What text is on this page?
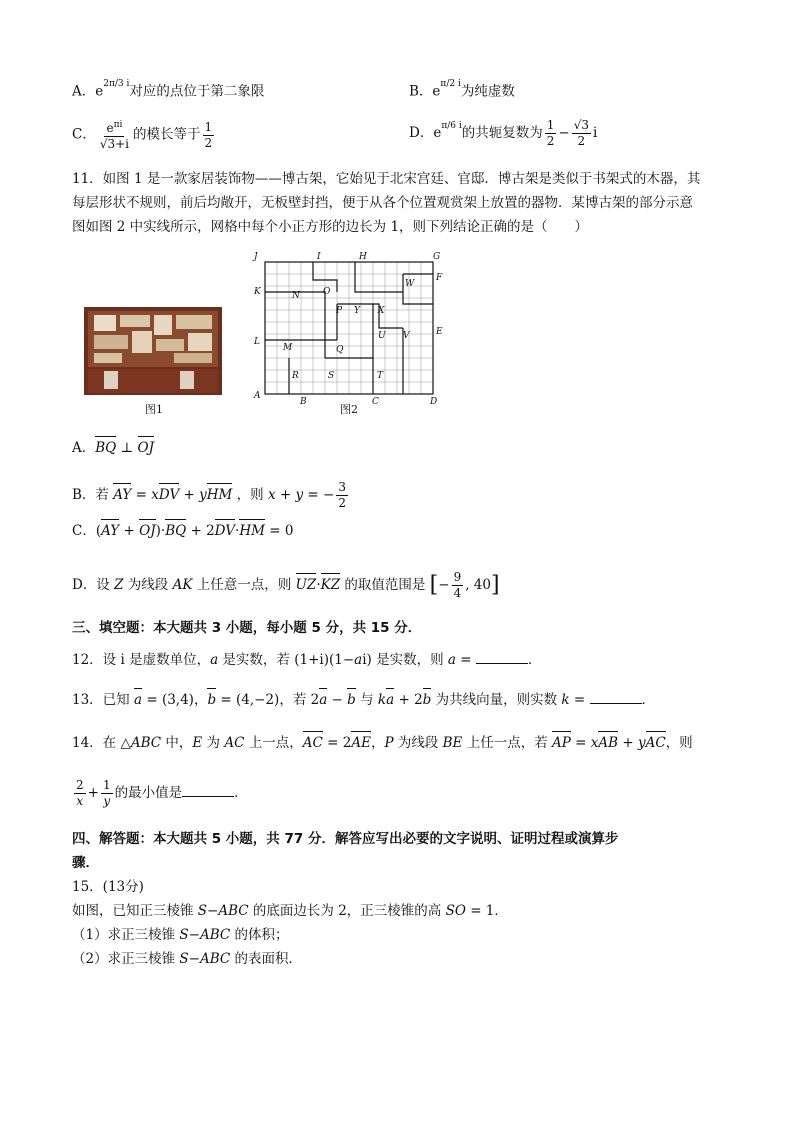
A．$e^{2\pi/3 i}$对应的点位于第二象限	B．$e^{\pi/2 i}$为纯虚数
C． $\frac{e^{\pi i}}{√3+i}$ 的模长等于 $\frac{1}{2}$	D．$e^{\pi/6 i}$的共轭复数为 $\frac{1}{2} - \frac{√3}{2}$ i
11．如图 1 是一款家居装饰物——博古架，它始见于北宋宫廷、官邸．博古架是类似于书架式的木器，其
每层形状不规则，前后均敞开，无板壁封挡，便于从各个位置观赏架上放置的器物．某博古架的部分示意
图如图 2 中实线所示，网格中每个小正方形的边长为 1，则下列结论正确的是（　　）
图1
J	I	H	G
F
K	N	O
W
P Y X
E
U V
L
M	Q
R	S	T
A
B	C	D
图2
A．BQ ⊥ OJ
B．若 AY = xDV + yHM ，则 x + y = − $\frac{3}{2}$
C．(AY + OJ)·BQ + 2DV·HM = 0
D．设 Z 为线段 AK 上任意一点，则 UZ·KZ 的取值范围是 [− $\frac{9}{4}$ , 40]
三、填空题：本大题共 3 小题，每小题 5 分，共 15 分．
12．设 i 是虚数单位，a 是实数，若 (1+i)(1−ai) 是实数，则 a =	．
13．已知 a = (3,4)，b = (4,−2)，若 2a − b 与 ka + 2b 为共线向量，则实数 k =	．
14．在 △ABC 中，E 为 AC 上一点，AC = 2AE，P 为线段 BE 上任一点，若 AP = xAB + yAC，则
$\frac{2}{x} + \frac{1}{y}$ 的最小值是	．
四、解答题：本大题共 5 小题，共 77 分．解答应写出必要的文字说明、证明过程或演算步
骤．
15．(13分)
如图，已知正三棱锥 S−ABC 的底面边长为 2，正三棱锥的高 SO = 1．
（1）求正三棱锥 S−ABC 的体积；
（2）求正三棱锥 S−ABC 的表面积．
